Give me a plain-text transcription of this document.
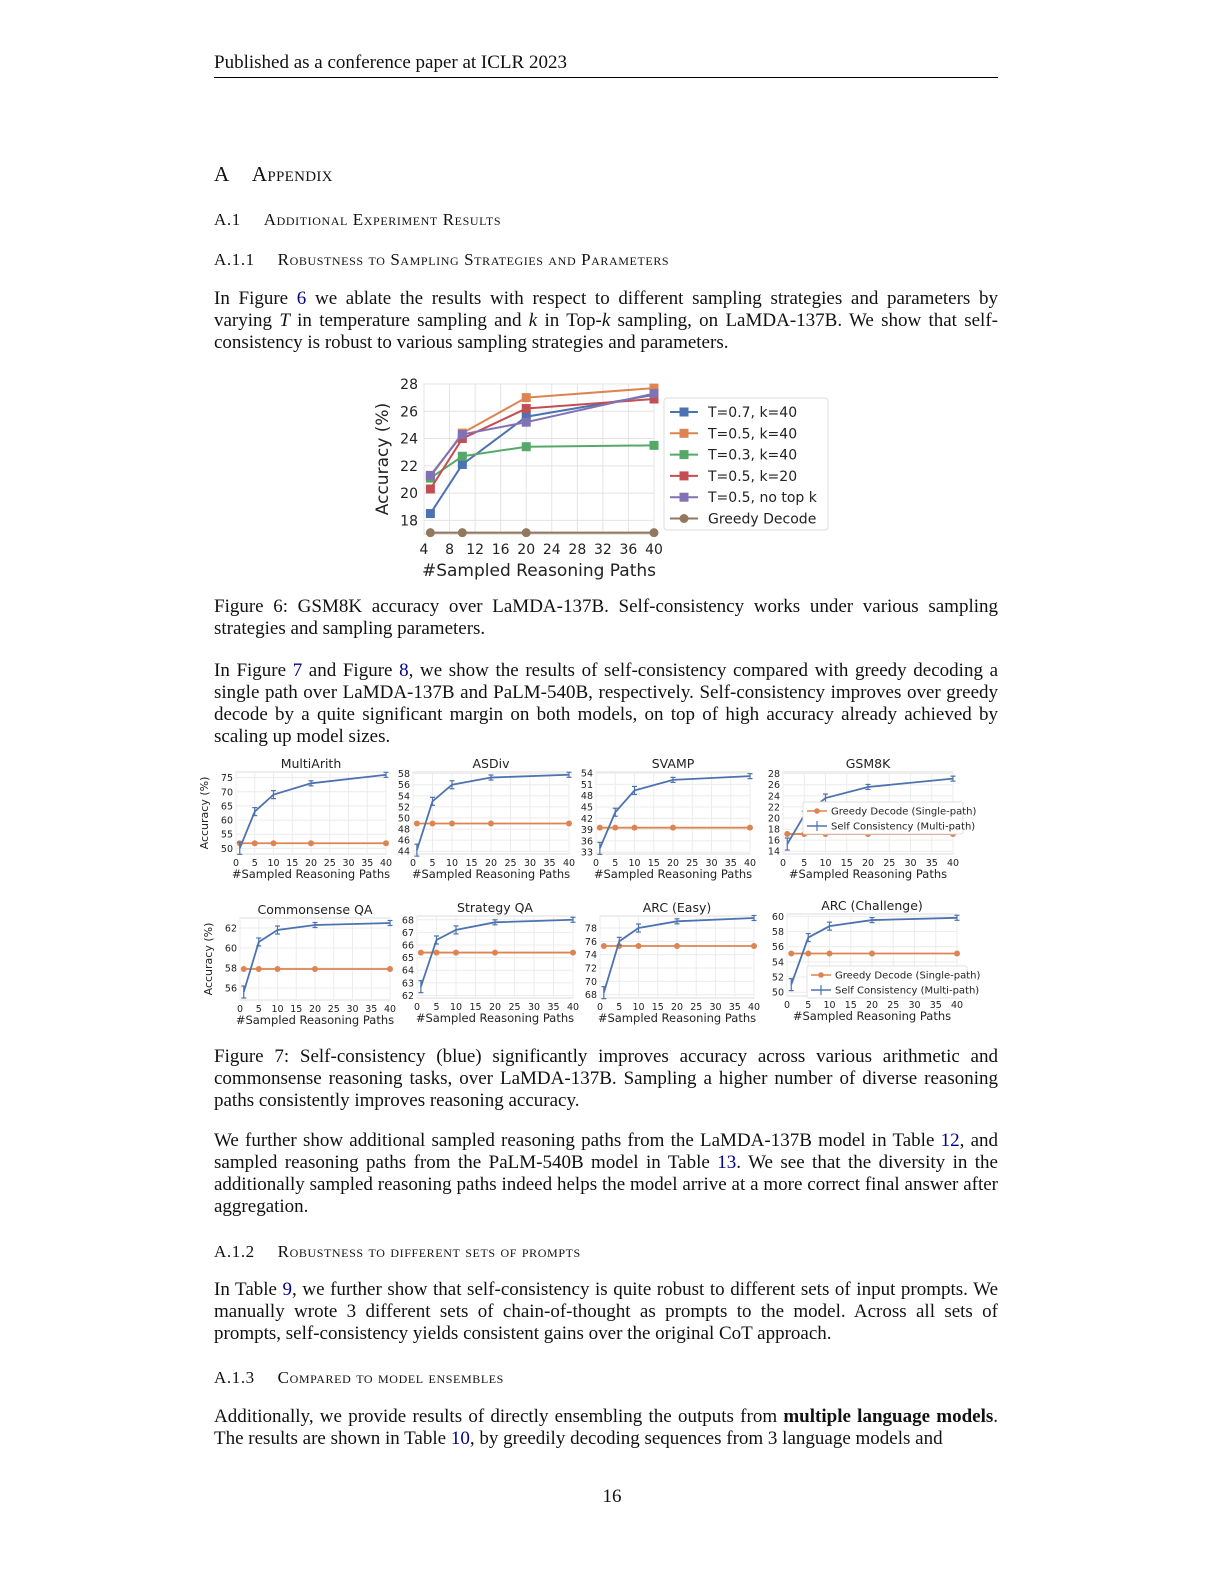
Published as a conference paper at ICLR 2023
A Appendix
A.1 Additional Experiment Results
A.1.1 Robustness to Sampling Strategies and Parameters
In Figure 6 we ablate the results with respect to different sampling strategies and parameters by varying T in temperature sampling and k in Top-k sampling, on LaMDA-137B. We show that self-consistency is robust to various sampling strategies and parameters.
4 8 12 16 20 24 28 32 36 40
18
20
22
24
26
28
#Sampled Reasoning Paths
Accuracy (%)	T=0.7, k=40
T=0.5, k=40
T=0.3, k=40
T=0.5, k=20
T=0.5, no top k
Greedy Decode
Figure 6: GSM8K accuracy over LaMDA-137B. Self-consistency works under various sampling strategies and sampling parameters.
In Figure 7 and Figure 8, we show the results of self-consistency compared with greedy decoding a single path over LaMDA-137B and PaLM-540B, respectively. Self-consistency improves over greedy decode by a quite significant margin on both models, on top of high accuracy already achieved by scaling up model sizes.
0 5 10 15 20 25 30 35 40
50
55
60
65
70
75
MultiArith
#Sampled Reasoning Paths
Accuracy (%)
0 5 10 15 20 25 30 35 40
44
46
48
50
52
54
56
58
ASDiv
#Sampled Reasoning Paths
0 5 10 15 20 25 30 35 40
33
36
39
42
45
48
51
54
SVAMP
#Sampled Reasoning Paths
0 5 10 15 20 25 30 35 40
14
16
18
20
22
24
26
28
GSM8K
#Sampled Reasoning Paths
Greedy Decode (Single-path)
Self Consistency (Multi-path)
0 5 10 15 20 25 30 35 40
56
58
60
62
Commonsense QA
#Sampled Reasoning Paths
Accuracy (%)
0 5 10 15 20 25 30 35 40
62
63
64
65
66
67
68
Strategy QA
#Sampled Reasoning Paths
0 5 10 15 20 25 30 35 40
68
70
72
74
76
78
ARC (Easy)
#Sampled Reasoning Paths
0 5 10 15 20 25 30 35 40
50
52
54
56
58
60
ARC (Challenge)
#Sampled Reasoning Paths
Greedy Decode (Single-path)
Self Consistency (Multi-path)
Figure 7: Self-consistency (blue) significantly improves accuracy across various arithmetic and commonsense reasoning tasks, over LaMDA-137B. Sampling a higher number of diverse reasoning paths consistently improves reasoning accuracy.
We further show additional sampled reasoning paths from the LaMDA-137B model in Table 12, and sampled reasoning paths from the PaLM-540B model in Table 13. We see that the diversity in the additionally sampled reasoning paths indeed helps the model arrive at a more correct final answer after aggregation.
A.1.2 Robustness to different sets of prompts
In Table 9, we further show that self-consistency is quite robust to different sets of input prompts. We manually wrote 3 different sets of chain-of-thought as prompts to the model. Across all sets of prompts, self-consistency yields consistent gains over the original CoT approach.
A.1.3 Compared to model ensembles
Additionally, we provide results of directly ensembling the outputs from multiple language models. The results are shown in Table 10, by greedily decoding sequences from 3 language models and
16
